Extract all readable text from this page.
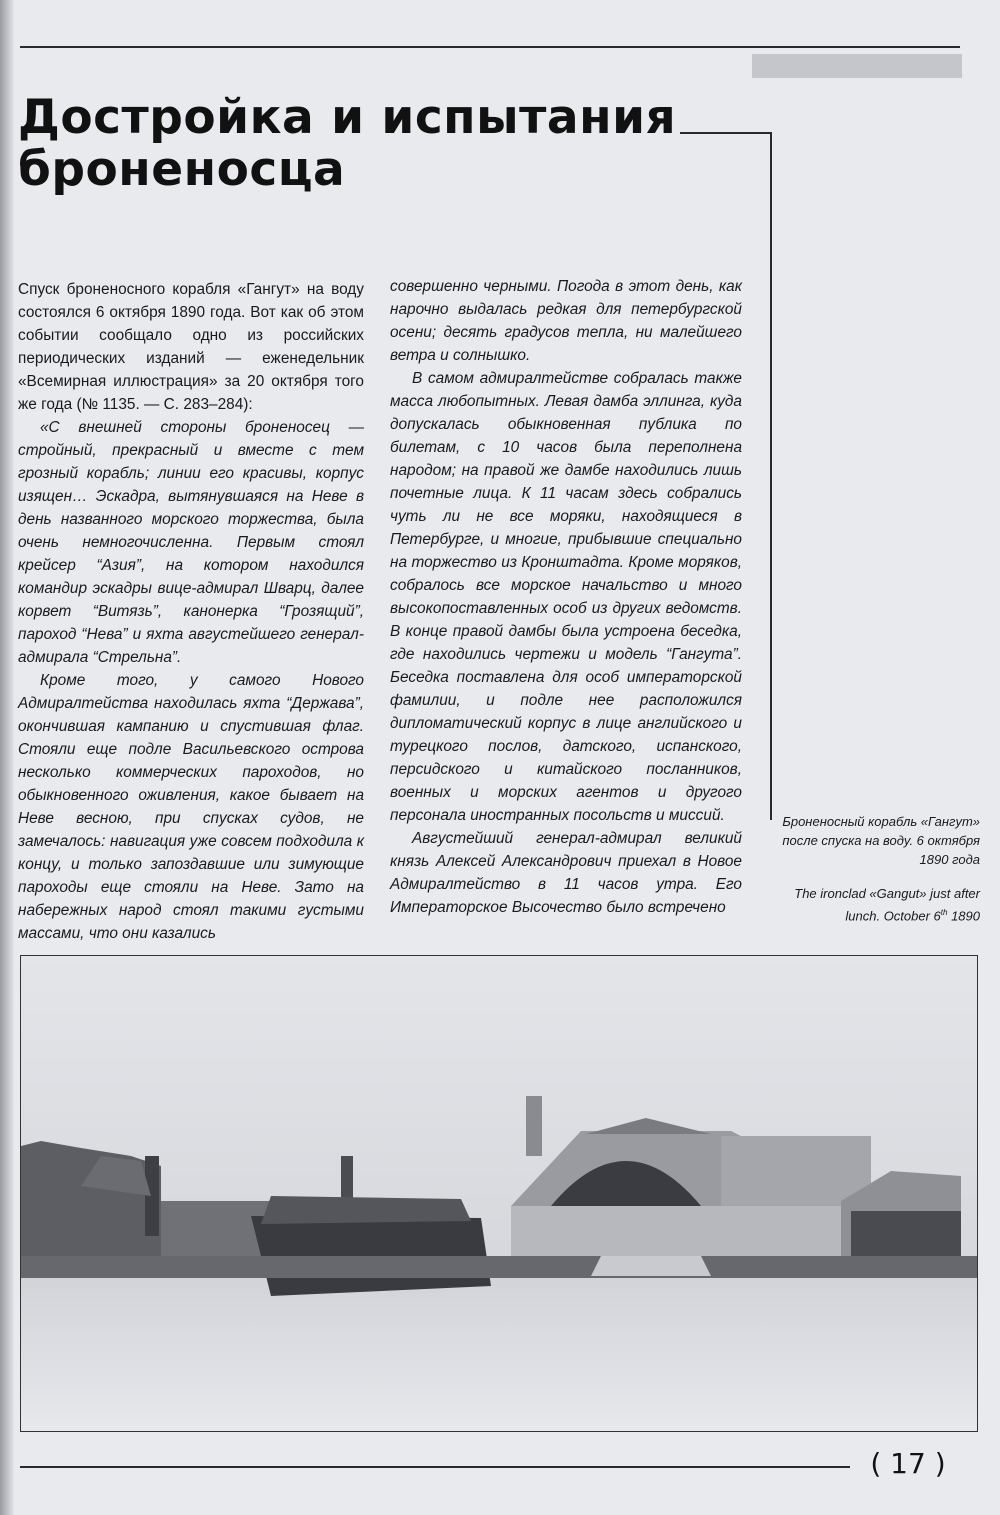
Достройка и испытания
броненосца

Спуск броненосного корабля «Гангут» на воду состоялся 6 октября 1890 года. Вот как об этом событии сообщало одно из российских периодических изданий — еженедельник «Всемирная иллюстрация» за 20 октября того же года (№ 1135. — С. 283–284):

«С внешней стороны броненосец — стройный, прекрасный и вместе с тем грозный корабль; линии его красивы, корпус изящен… Эскадра, вытянувшаяся на Неве в день названного морского торжества, была очень немногочисленна. Первым стоял крейсер “Азия”, на котором находился командир эскадры вице-адмирал Шварц, далее корвет “Витязь”, канонерка “Грозящий”, пароход “Нева” и яхта августейшего генерал-адмирала “Стрельна”.

Кроме того, у самого Нового Адмиралтейства находилась яхта “Держава”, окончившая кампанию и спустившая флаг. Стояли еще подле Васильевского острова несколько коммерческих пароходов, но обыкновенного оживления, какое бывает на Неве весною, при спусках судов, не замечалось: навигация уже совсем подходила к концу, и только запоздавшие или зимующие пароходы еще стояли на Неве. Зато на набережных народ стоял такими густыми массами, что они казались

совершенно черными. Погода в этот день, как нарочно выдалась редкая для петербургской осени; десять градусов тепла, ни малейшего ветра и солнышко.

В самом адмиралтействе собралась также масса любопытных. Левая дамба эллинга, куда допускалась обыкновенная публика по билетам, с 10 часов была переполнена народом; на правой же дамбе находились лишь почетные лица. К 11 часам здесь собрались чуть ли не все моряки, находящиеся в Петербурге, и многие, прибывшие специально на торжество из Кронштадта. Кроме моряков, собралось все морское начальство и много высокопоставленных особ из других ведомств. В конце правой дамбы была устроена беседка, где находились чертежи и модель “Гангута”. Беседка поставлена для особ императорской фамилии, и подле нее расположился дипломатический корпус в лице английского и турецкого послов, датского, испанского, персидского и китайского посланников, военных и морских агентов и другого персонала иностранных посольств и миссий.

Августейший генерал-адмирал великий князь Алексей Александрович приехал в Новое Адмиралтейство в 11 часов утра. Его Императорское Высочество было встречено

Броненосный корабль «Гангут» после спуска на воду. 6 октября 1890 года

The ironclad «Gangut» just after lunch. October 6th 1890

( 17 )
